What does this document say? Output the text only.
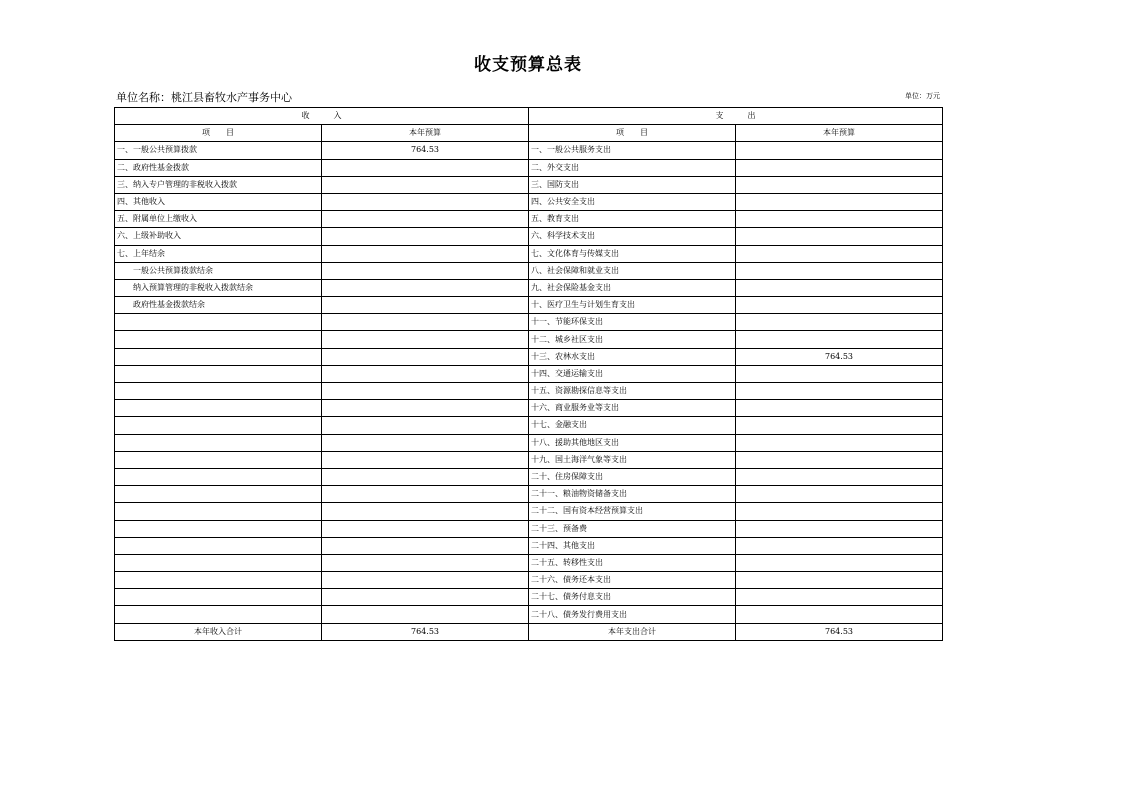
收支预算总表
单位名称：桃江县畜牧水产事务中心	单位：万元
收　　　入		支　　　出	
项　　目	本年预算	项　　目	本年预算
一、一般公共预算拨款	764.53	一、一般公共服务支出	
二、政府性基金拨款		二、外交支出	
三、纳入专户管理的非税收入拨款		三、国防支出	
四、其他收入		四、公共安全支出	
五、附属单位上缴收入		五、教育支出	
六、上级补助收入		六、科学技术支出	
七、上年结余		七、文化体育与传媒支出	
一般公共预算拨款结余		八、社会保障和就业支出	
纳入预算管理的非税收入拨款结余		九、社会保险基金支出	
政府性基金拨款结余		十、医疗卫生与计划生育支出	
		十一、节能环保支出	
		十二、城乡社区支出	
		十三、农林水支出	764.53
		十四、交通运输支出	
		十五、资源勘探信息等支出	
		十六、商业服务业等支出	
		十七、金融支出	
		十八、援助其他地区支出	
		十九、国土海洋气象等支出	
		二十、住房保障支出	
		二十一、粮油物资储备支出	
		二十二、国有资本经营预算支出	
		二十三、预备费	
		二十四、其他支出	
		二十五、转移性支出	
		二十六、债务还本支出	
		二十七、债务付息支出	
		二十八、债务发行费用支出	
本年收入合计	764.53	本年支出合计	764.53
